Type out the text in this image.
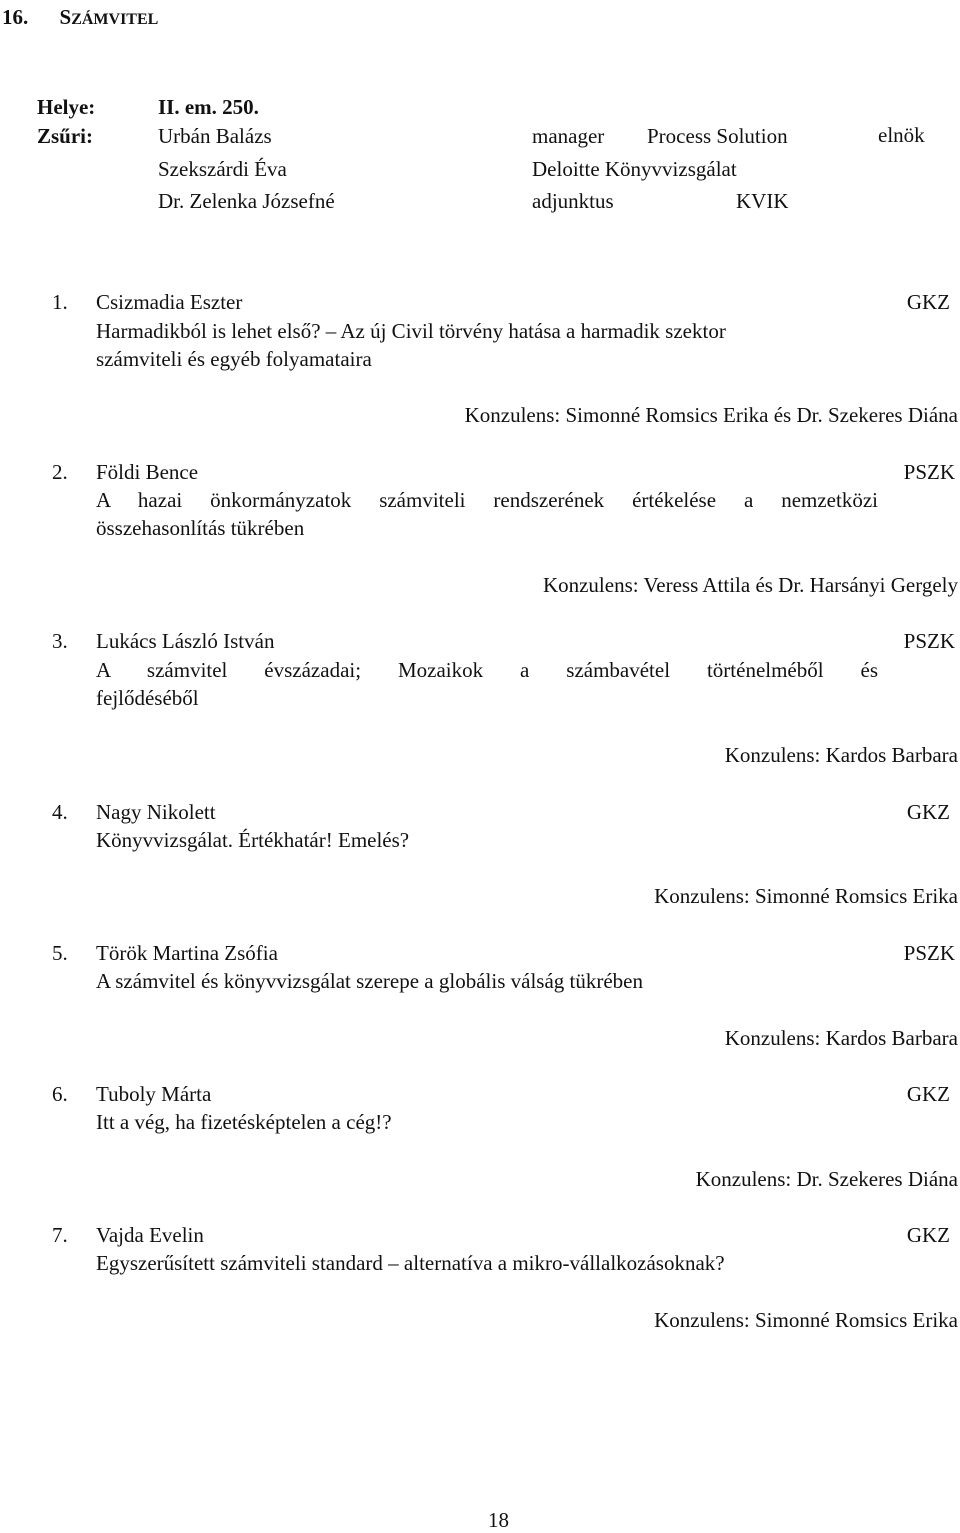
16. SZÁMVITEL
Helye:	II. em. 250.
Zsűri:	Urbán Balázs	manager Process Solution	elnök
Szekszárdi Éva	Deloitte Könyvvizsgálat
Dr. Zelenka Józsefné	adjunktus	KVIK
1. Csizmadia Eszter	GKZ
Harmadikból is lehet első? – Az új Civil törvény hatása a harmadik szektor
számviteli és egyéb folyamataira
Konzulens: Simonné Romsics Erika és Dr. Szekeres Diána
2. Földi Bence	PSZK
A hazai önkormányzatok számviteli rendszerének értékelése a nemzetközi
összehasonlítás tükrében
Konzulens: Veress Attila és Dr. Harsányi Gergely
3. Lukács László István	PSZK
A számvitel évszázadai; Mozaikok a számbavétel történelméből és
fejlődéséből
Konzulens: Kardos Barbara
4. Nagy Nikolett	GKZ
Könyvvizsgálat. Értékhatár! Emelés?
Konzulens: Simonné Romsics Erika
5. Török Martina Zsófia	PSZK
A számvitel és könyvvizsgálat szerepe a globális válság tükrében
Konzulens: Kardos Barbara
6. Tuboly Márta	GKZ
Itt a vég, ha fizetésképtelen a cég!?
Konzulens: Dr. Szekeres Diána
7. Vajda Evelin	GKZ
Egyszerűsített számviteli standard – alternatíva a mikro-vállalkozásoknak?
Konzulens: Simonné Romsics Erika
18
